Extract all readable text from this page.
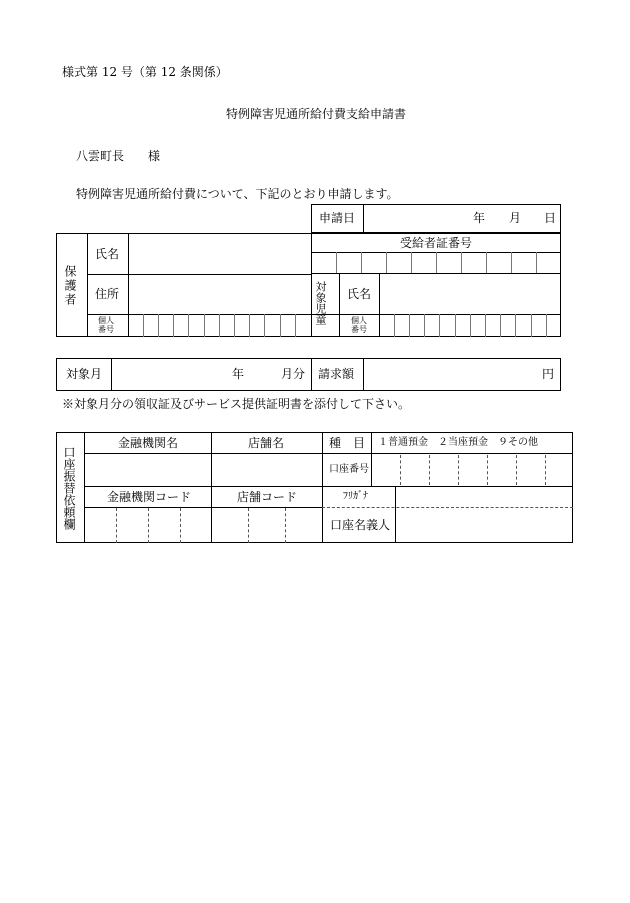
様式第 12 号（第 12 条関係）
特例障害児通所給付費支給申請書
八雲町長　　様
特例障害児通所給付費について、下記のとおり申請します。
申請日	年 月 日
保護者
氏名
住所
個人番号
受給者証番号
対象児童 氏名
個人番号
対象月	年	月分 請求額	円
※対象月分の領収証及びサービス提供証明書を添付して下さい。
口座振替依頼欄
金融機関名	店舗名	種　目 １普通預金　２当座預金　９その他
口座番号
金融機関コード	店舗コード	ﾌﾘｶﾞﾅ
口座名義人
